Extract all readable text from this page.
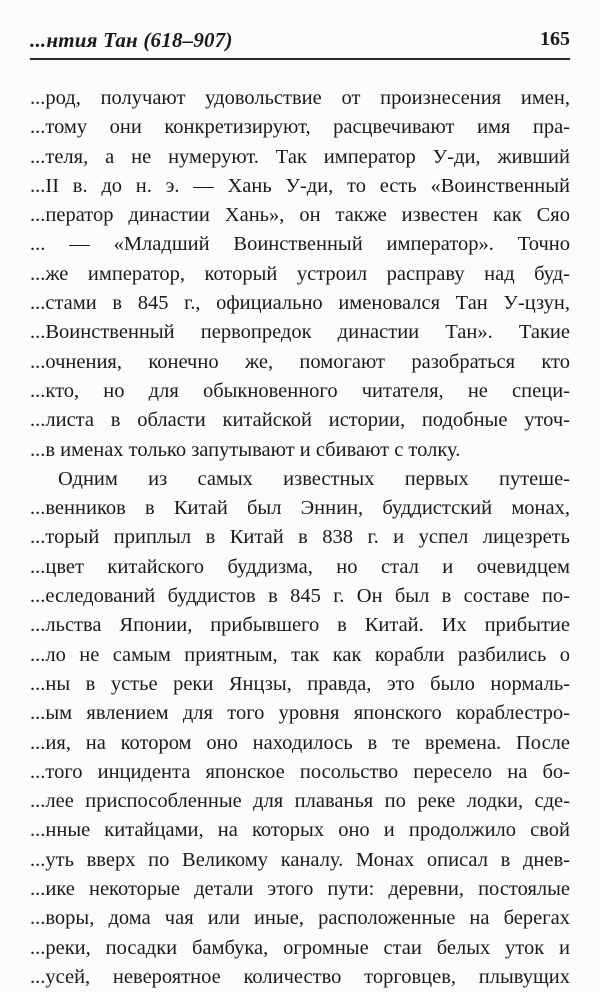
...нтия Тан (618–907)	165
...род, получают удовольствие от произнесения имен,
...тому они конкретизируют, расцвечивают имя пра-
...теля, а не нумеруют. Так император У-ди, живший
...II в. до н. э. — Хань У-ди, то есть «Воинственный
...ператор династии Хань», он также известен как Сяо
... — «Младший Воинственный император». Точно
...же император, который устроил расправу над буд-
...стами в 845 г., официально именовался Тан У-цзун,
...Воинственный первопредок династии Тан». Такие
...очнения, конечно же, помогают разобраться кто
...кто, но для обыкновенного читателя, не специ-
...листа в области китайской истории, подобные уточ-
...в именах только запутывают и сбивают с толку.
Одним из самых известных первых путеше-
...венников в Китай был Эннин, буддистский монах,
...торый приплыл в Китай в 838 г. и успел лицезреть
...цвет китайского буддизма, но стал и очевидцем
...еследований буддистов в 845 г. Он был в составе по-
...льства Японии, прибывшего в Китай. Их прибытие
...ло не самым приятным, так как корабли разбились о
...ны в устье реки Янцзы, правда, это было нормаль-
...ым явлением для того уровня японского кораблестро-
...ия, на котором оно находилось в те времена. После
...того инцидента японское посольство пересело на бо-
...лее приспособленные для плаванья по реке лодки, сде-
...нные китайцами, на которых оно и продолжило свой
...уть вверх по Великому каналу. Монах описал в днев-
...ике некоторые детали этого пути: деревни, постоялые
...воры, дома чая или иные, расположенные на берегах
...реки, посадки бамбука, огромные стаи белых уток и
...усей, невероятное количество торговцев, плывущих
